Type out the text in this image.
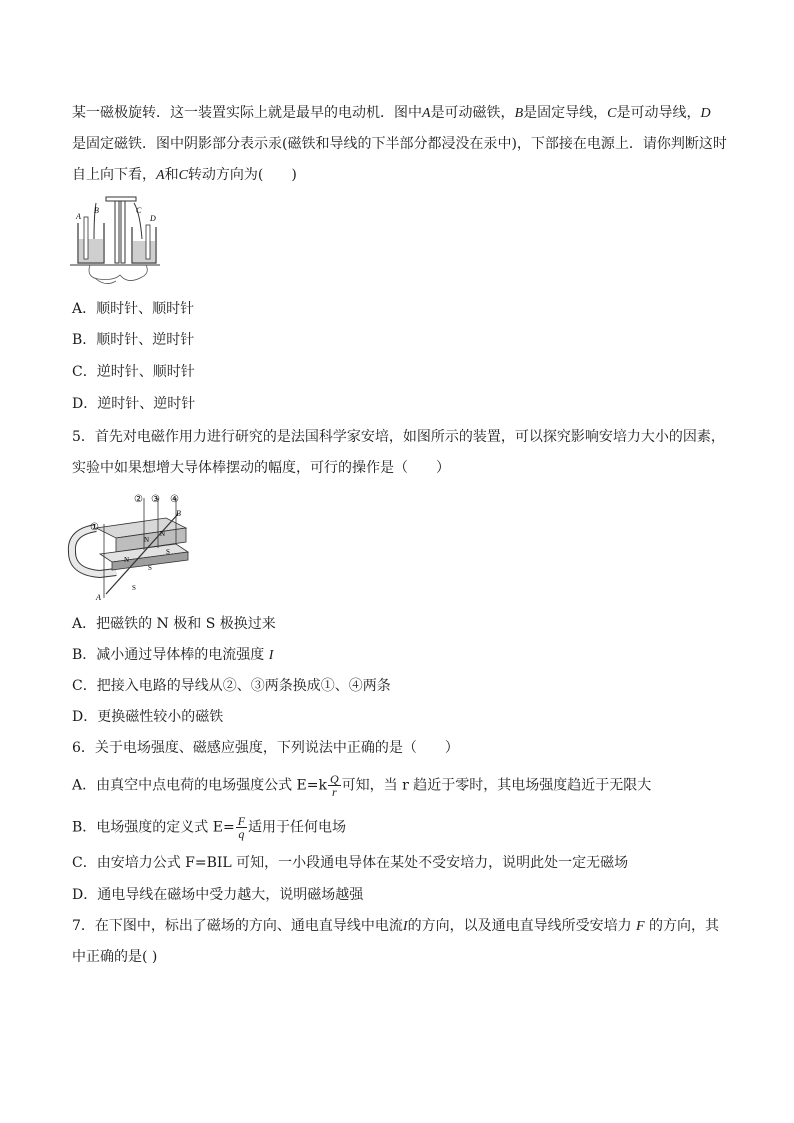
某一磁极旋转．这一装置实际上就是最早的电动机．图中A是可动磁铁，B是固定导线，C是可动导线，D
是固定磁铁．图中阴影部分表示汞(磁铁和导线的下半部分都浸没在汞中)，下部接在电源上．请你判断这时
自上向下看，A和C转动方向为(　　)
A
B	C
D
A．顺时针、顺时针
B．顺时针、逆时针
C．逆时针、顺时针
D．逆时针、逆时针
5．首先对电磁作用力进行研究的是法国科学家安培，如图所示的装置，可以探究影响安培力大小的因素，
实验中如果想增大导体棒摆动的幅度，可行的操作是（　　）
①
② ③ ④
B
A
N
N
N
S
S
S
A．把磁铁的 N 极和 S 极换过来
B．减小通过导体棒的电流强度 I
C．把接入电路的导线从②、③两条换成①、④两条
D．更换磁性较小的磁铁
6．关于电场强度、磁感应强度，下列说法中正确的是（　　）
A．由真空中点电荷的电场强度公式 $E=k \frac{Q}{r}$ 可知，当 r 趋近于零时，其电场强度趋近于无限大
B．电场强度的定义式 $E= \frac{F}{q}$ 适用于任何电场
C．由安培力公式 F=BIL 可知，一小段通电导体在某处不受安培力，说明此处一定无磁场
D．通电导线在磁场中受力越大，说明磁场越强
7．在下图中，标出了磁场的方向、通电直导线中电流I的方向，以及通电直导线所受安培力 F 的方向，其
中正确的是( )
